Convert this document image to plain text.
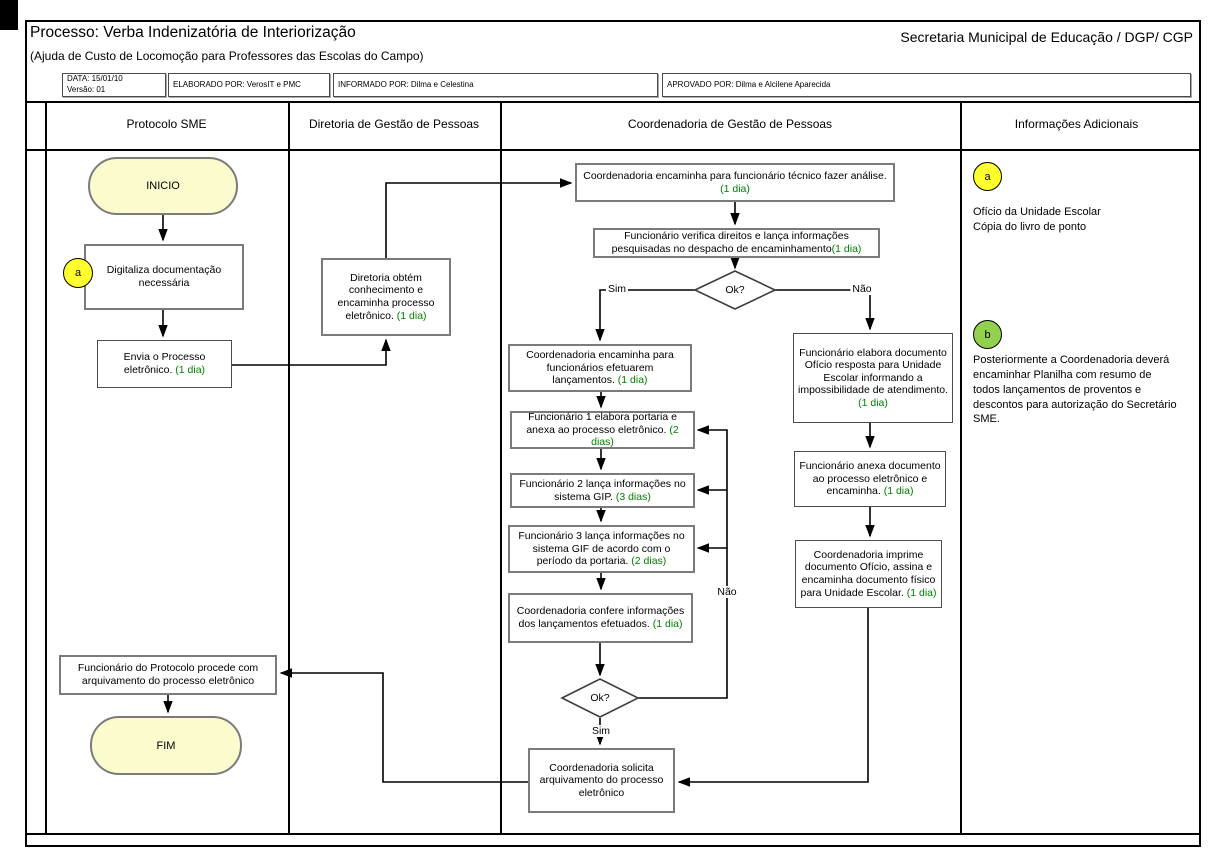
Processo: Verba Indenizatória de Interiorização
(Ajuda de Custo de Locomoção para Professores das Escolas do Campo)
Secretaria Municipal de Educação / DGP/ CGP
DATA: 15/01/10
Versão: 01
ELABORADO POR: VerosIT e PMC	INFORMADO POR: Dilma e Celestina	APROVADO POR: Dilma e Alcilene Aparecida
Protocolo SME	Diretoria de Gestão de Pessoas	Coordenadoria de Gestão de Pessoas	Informações Adicionais
INICIO
Digitaliza documentação necessária
a
Envia o Processo eletrônico. (1 dia)
Funcionário do Protocolo procede com arquivamento do processo eletrônico
FIM
Diretoria obtém conhecimento e encaminha processo eletrônico. (1 dia)
Coordenadoria encaminha para funcionário técnico fazer análise. (1 dia)
Funcionário verifica direitos e lança informações pesquisadas no despacho de encaminhamento(1 dia)
Coordenadoria encaminha para funcionários efetuarem lançamentos. (1 dia)
Funcionário 1 elabora portaria e anexa ao processo eletrônico. (2 dias)
Funcionário 2 lança informações no sistema GIP. (3 dias)
Funcionário 3 lança informações no sistema GIF de acordo com o período da portaria. (2 dias)
Coordenadoria confere informações dos lançamentos efetuados. (1 dia)
Coordenadoria solicita arquivamento do processo eletrônico
Funcionário elabora documento Ofício resposta para Unidade Escolar informando a impossibilidade de atendimento. (1 dia)
Funcionário anexa documento ao processo eletrônico e encaminha. (1 dia)
Coordenadoria imprime documento Ofício, assina e encaminha documento físico para Unidade Escolar. (1 dia)
Ok?
Ok?
Sim	Não
Não
Sim
a
Ofício da Unidade Escolar
Cópia do livro de ponto
b
Posteriormente a Coordenadoria deverá encaminhar Planilha com resumo de todos lançamentos de proventos e descontos para autorização do Secretário SME.
